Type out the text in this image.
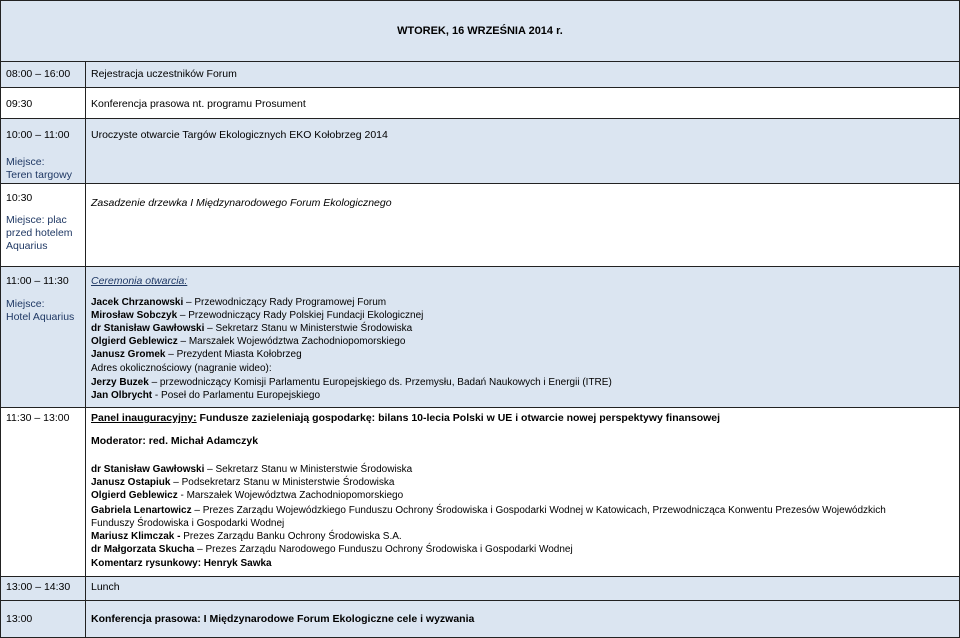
WTOREK, 16 WRZEŚNIA 2014 r.
08:00 – 16:00 Rejestracja uczestników Forum
09:30	Konferencja prasowa nt. programu Prosument
10:00 – 11:00
Miejsce:
Teren targowy
Uroczyste otwarcie Targów Ekologicznych EKO Kołobrzeg 2014
10:30
Miejsce: plac przed hotelem Aquarius
Zasadzenie drzewka I Międzynarodowego Forum Ekologicznego
11:00 – 11:30
Miejsce:
Hotel Aquarius
Ceremonia otwarcia:
Jacek Chrzanowski – Przewodniczący Rady Programowej Forum
Mirosław Sobczyk – Przewodniczący Rady Polskiej Fundacji Ekologicznej
dr Stanisław Gawłowski – Sekretarz Stanu w Ministerstwie Środowiska
Olgierd Geblewicz – Marszałek Województwa Zachodniopomorskiego
Janusz Gromek – Prezydent Miasta Kołobrzeg
Adres okolicznościowy (nagranie wideo):
Jerzy Buzek – przewodniczący Komisji Parlamentu Europejskiego ds. Przemysłu, Badań Naukowych i Energii (ITRE)
Jan Olbrycht - Poseł do Parlamentu Europejskiego
11:30 – 13:00 Panel inauguracyjny: Fundusze zazieleniają gospodarkę: bilans 10-lecia Polski w UE i otwarcie nowej perspektywy finansowej
Moderator: red. Michał Adamczyk
dr Stanisław Gawłowski – Sekretarz Stanu w Ministerstwie Środowiska
Janusz Ostapiuk – Podsekretarz Stanu w Ministerstwie Środowiska
Olgierd Geblewicz - Marszałek Województwa Zachodniopomorskiego
Gabriela Lenartowicz – Prezes Zarządu Wojewódzkiego Funduszu Ochrony Środowiska i Gospodarki Wodnej w Katowicach, Przewodnicząca Konwentu Prezesów Wojewódzkich Funduszy Środowiska i Gospodarki Wodnej
Mariusz Klimczak - Prezes Zarządu Banku Ochrony Środowiska S.A.
dr Małgorzata Skucha – Prezes Zarządu Narodowego Funduszu Ochrony Środowiska i Gospodarki Wodnej
Komentarz rysunkowy: Henryk Sawka
13:00 – 14:30 Lunch
13:00	Konferencja prasowa: I Międzynarodowe Forum Ekologiczne cele i wyzwania
